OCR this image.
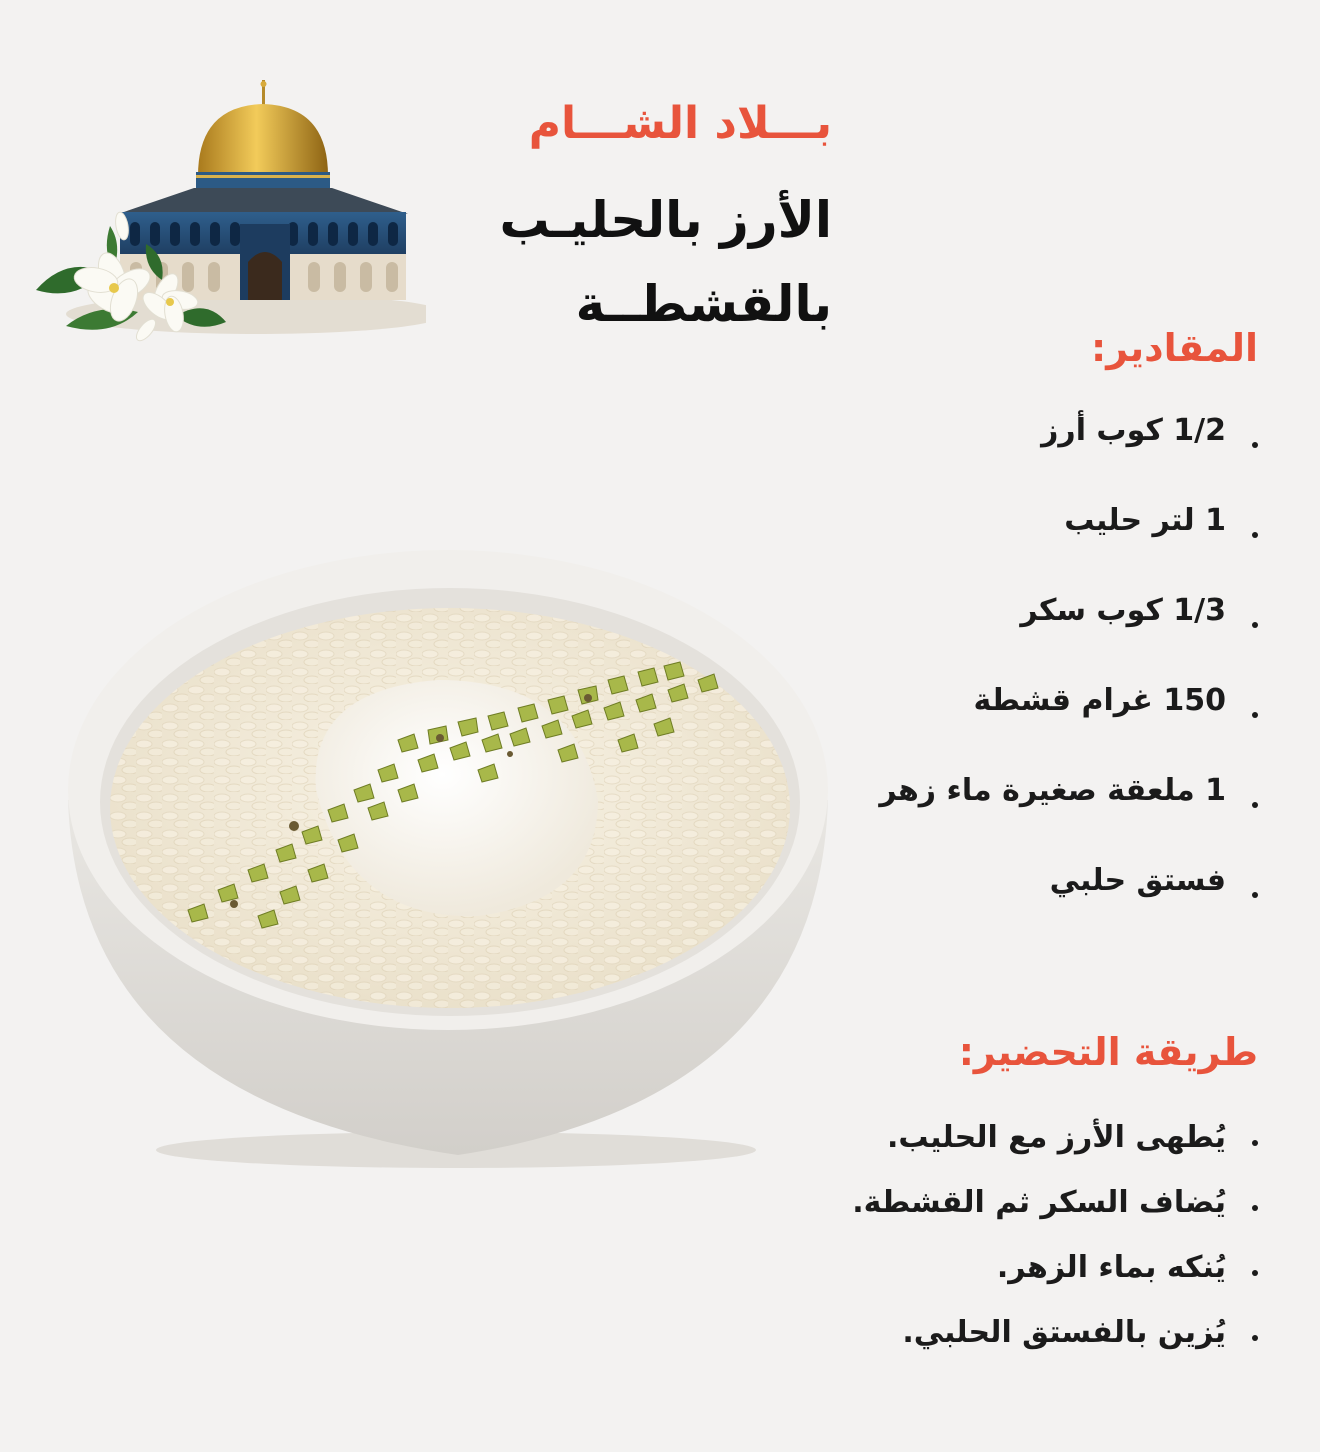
بـــلاد الشـــام
الأرز بالحليـب بالقشطــة
المقادير:
1/2 كوب أرز
1 لتر حليب
1/3 كوب سكر
150 غرام قشطة
1 ملعقة صغيرة ماء زهر
فستق حلبي
طريقة التحضير:
يُطهى الأرز مع الحليب.
يُضاف السكر ثم القشطة.
يُنكه بماء الزهر.
يُزين بالفستق الحلبي.
